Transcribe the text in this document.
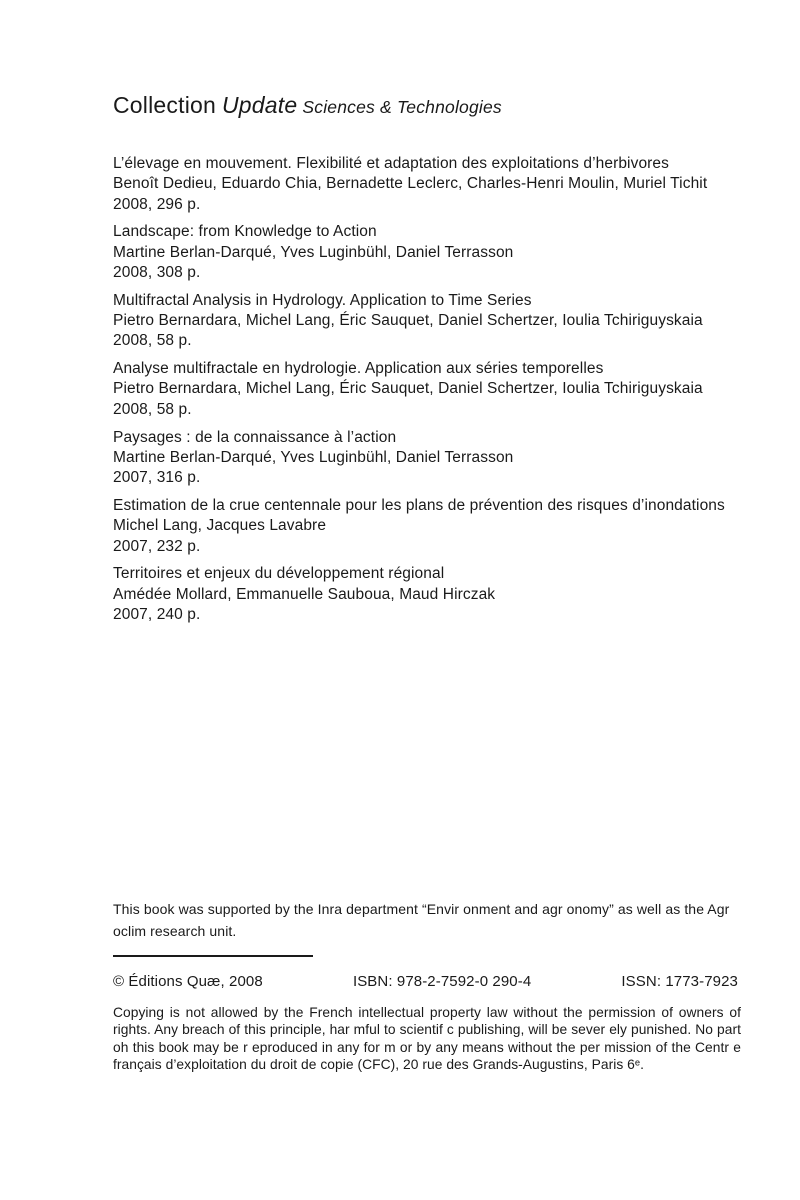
Collection Update Sciences & Technologies
L’élevage en mouvement. Flexibilité et adaptation des exploitations d’herbivores
Benoît Dedieu, Eduardo Chia, Bernadette Leclerc, Charles-Henri Moulin, Muriel Tichit
2008, 296 p.
Landscape: from Knowledge to Action
Martine Berlan-Darqué, Yves Luginbühl, Daniel Terrasson
2008, 308 p.
Multifractal Analysis in Hydrology. Application to Time Series
Pietro Bernardara, Michel Lang, Éric Sauquet, Daniel Schertzer, Ioulia Tchiriguyskaia
2008, 58 p.
Analyse multifractale en hydrologie. Application aux séries temporelles
Pietro Bernardara, Michel Lang, Éric Sauquet, Daniel Schertzer, Ioulia Tchiriguyskaia
2008, 58 p.
Paysages : de la connaissance à l’action
Martine Berlan-Darqué, Yves Luginbühl, Daniel Terrasson
2007, 316 p.
Estimation de la crue centennale pour les plans de prévention des risques d’inondations
Michel Lang, Jacques Lavabre
2007, 232 p.
Territoires et enjeux du développement régional
Amédée Mollard, Emmanuelle Sauboua, Maud Hirczak
2007, 240 p.
This book was supported by the Inra department “Envir onment and agr onomy” as well as the Agr oclim research unit.
© Éditions Quæ, 2008	ISBN: 978-2-7592-0 290-4	ISSN: 1773-7923
Copying is not allowed by the French intellectual property law without the permission of owners of rights. Any breach of this principle, har mful to scientif c publishing, will be sever ely punished. No part oh this book may be r eproduced in any for m or by any means without the per mission of the Centr e français d’exploitation du droit de copie (CFC), 20 rue des Grands-Augustins, Paris 6ᵉ.
